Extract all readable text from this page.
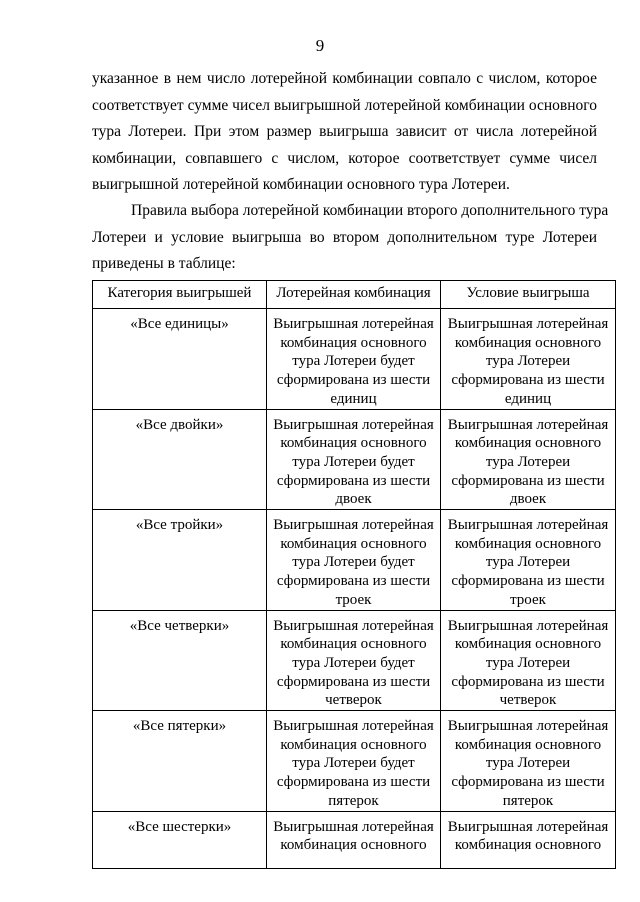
9
указанное в нем число лотерейной комбинации совпало с числом, которое
соответствует сумме чисел выигрышной лотерейной комбинации основного
тура Лотереи. При этом размер выигрыша зависит от числа лотерейной
комбинации, совпавшего с числом, которое соответствует сумме чисел
выигрышной лотерейной комбинации основного тура Лотереи.
Правила выбора лотерейной комбинации второго дополнительного тура
Лотереи и условие выигрыша во втором дополнительном туре Лотереи
приведены в таблице:
Категория выигрышей	Лотерейная комбинация	Условие выигрыша
«Все единицы»	Выигрышная лотерейная
комбинация основного
тура Лотереи будет
сформирована из шести
единиц	Выигрышная лотерейная
комбинация основного
тура Лотереи
сформирована из шести
единиц

«Все двойки»	Выигрышная лотерейная
комбинация основного
тура Лотереи будет
сформирована из шести
двоек	Выигрышная лотерейная
комбинация основного
тура Лотереи
сформирована из шести
двоек

«Все тройки»	Выигрышная лотерейная
комбинация основного
тура Лотереи будет
сформирована из шести
троек	Выигрышная лотерейная
комбинация основного
тура Лотереи
сформирована из шести
троек

«Все четверки»	Выигрышная лотерейная
комбинация основного
тура Лотереи будет
сформирована из шести
четверок	Выигрышная лотерейная
комбинация основного
тура Лотереи
сформирована из шести
четверок

«Все пятерки»	Выигрышная лотерейная
комбинация основного
тура Лотереи будет
сформирована из шести
пятерок	Выигрышная лотерейная
комбинация основного
тура Лотереи
сформирована из шести
пятерок

«Все шестерки»	Выигрышная лотерейная
комбинация основного	Выигрышная лотерейная
комбинация основного
